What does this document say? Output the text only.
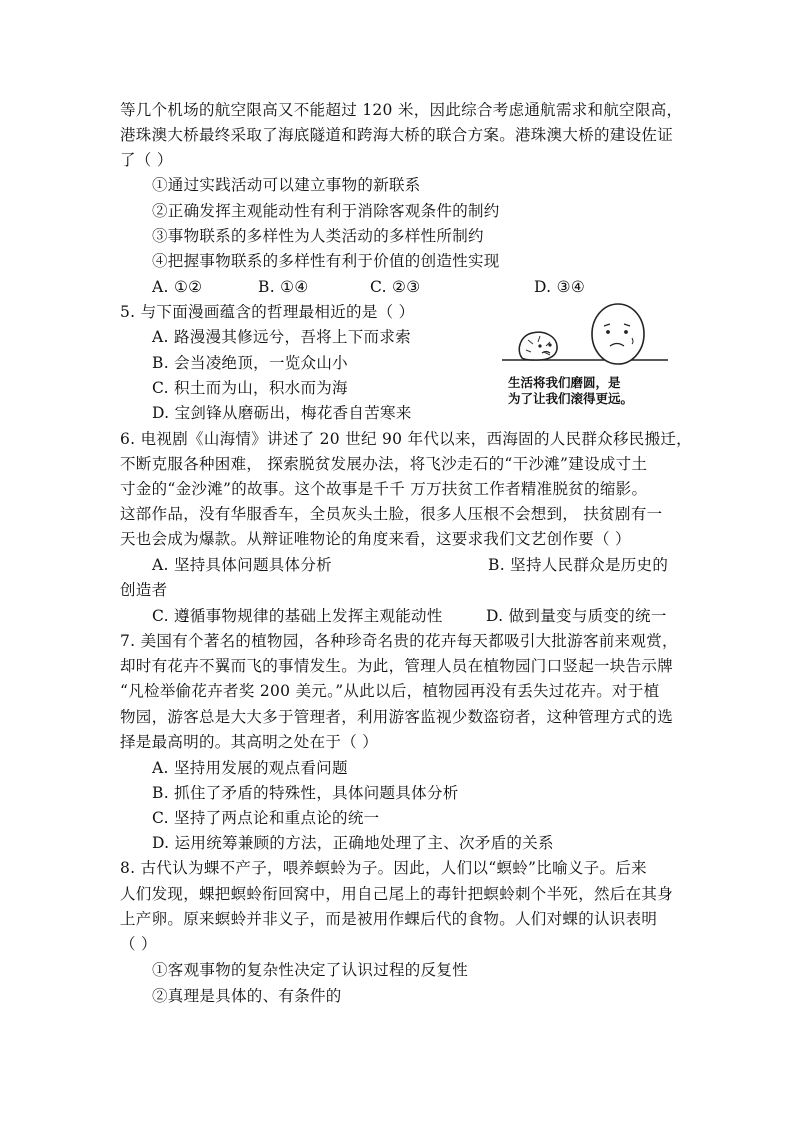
等几个机场的航空限高又不能超过 120 米，因此综合考虑通航需求和航空限高，
港珠澳大桥最终采取了海底隧道和跨海大桥的联合方案。港珠澳大桥的建设佐证
了（ ）
①通过实践活动可以建立事物的新联系
②正确发挥主观能动性有利于消除客观条件的制约
③事物联系的多样性为人类活动的多样性所制约
④把握事物联系的多样性有利于价值的创造性实现
A. ①②	B. ①④	C. ②③	D. ③④
5. 与下面漫画蕴含的哲理最相近的是（ ）
A. 路漫漫其修远兮，吾将上下而求索
B. 会当凌绝顶，一览众山小
C. 积土而为山，积水而为海
D. 宝剑锋从磨砺出，梅花香自苦寒来
生活将我们磨圆，是
为了让我们滚得更远。
6. 电视剧《山海情》讲述了 20 世纪 90 年代以来，西海固的人民群众移民搬迁，
不断克服各种困难， 探索脱贫发展办法，将飞沙走石的“干沙滩”建设成寸土
寸金的“金沙滩”的故事。这个故事是千千 万万扶贫工作者精准脱贫的缩影。
这部作品，没有华服香车，全员灰头土脸，很多人压根不会想到， 扶贫剧有一
天也会成为爆款。从辩证唯物论的角度来看，这要求我们文艺创作要（ ）
A. 坚持具体问题具体分析	B. 坚持人民群众是历史的
创造者
C. 遵循事物规律的基础上发挥主观能动性	D. 做到量变与质变的统一
7. 美国有个著名的植物园，各种珍奇名贵的花卉每天都吸引大批游客前来观赏，
却时有花卉不翼而飞的事情发生。为此，管理人员在植物园门口竖起一块告示牌
“凡检举偷花卉者奖 200 美元。”从此以后，植物园再没有丢失过花卉。对于植
物园，游客总是大大多于管理者，利用游客监视少数盗窃者，这种管理方式的选
择是最高明的。其高明之处在于（ ）
A. 坚持用发展的观点看问题
B. 抓住了矛盾的特殊性，具体问题具体分析
C. 坚持了两点论和重点论的统一
D. 运用统筹兼顾的方法，正确地处理了主、次矛盾的关系
8. 古代认为蜾不产子，喂养螟蛉为子。因此，人们以“螟蛉”比喻义子。后来
人们发现，蜾把螟蛉衔回窝中，用自己尾上的毒针把螟蛉刺个半死，然后在其身
上产卵。原来螟蛉并非义子，而是被用作蜾后代的食物。人们对蜾的认识表明
（ ）
①客观事物的复杂性决定了认识过程的反复性
②真理是具体的、有条件的
